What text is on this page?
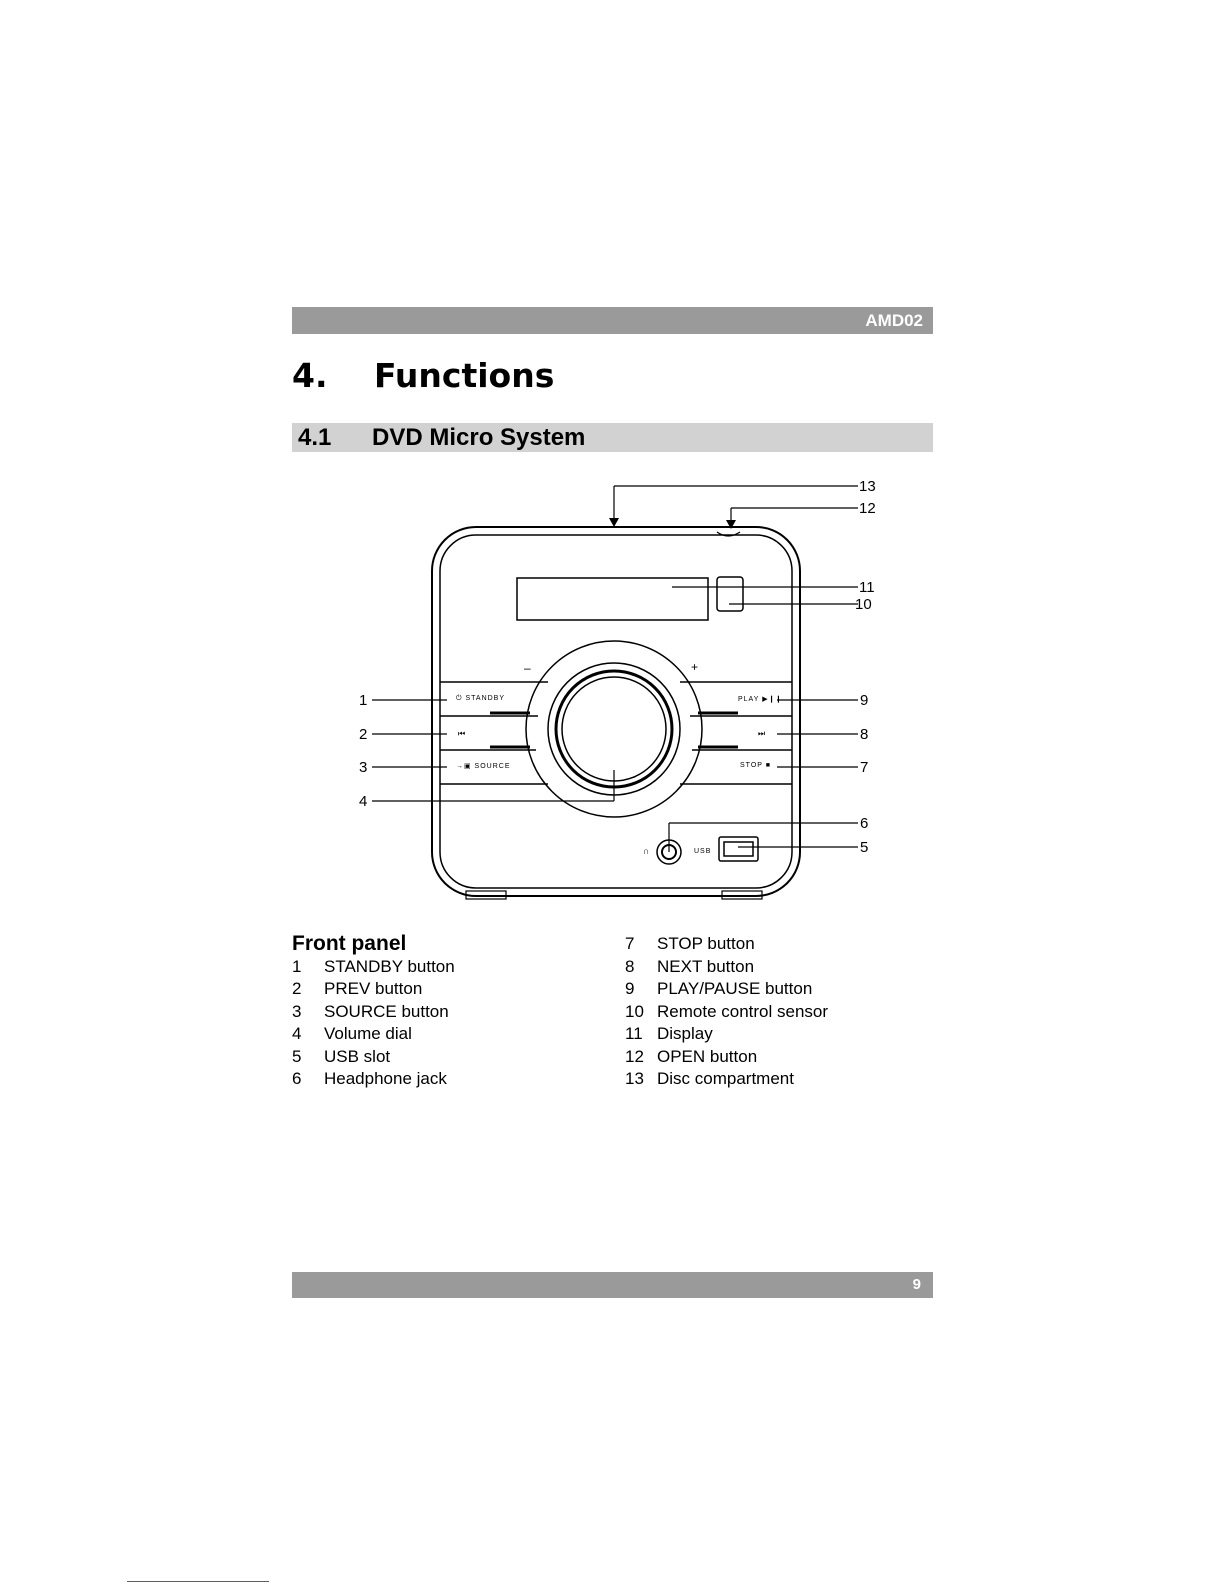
AMD02
4. Functions
4.1 DVD Micro System
⏻ STANDBY
⏮
→▣ SOURCE
PLAY ▶❙❙
⏭
STOP ■
–	+
USB
∩
13
12
11
10
1
2
3
4
9
8
7
6
5
Front panel
1 STANDBY button
2 PREV button
3 SOURCE button
4 Volume dial
5 USB slot
6 Headphone jack
7 STOP button
8 NEXT button
9 PLAY/PAUSE button
10 Remote control sensor
11 Display
12 OPEN button
13 Disc compartment
9
